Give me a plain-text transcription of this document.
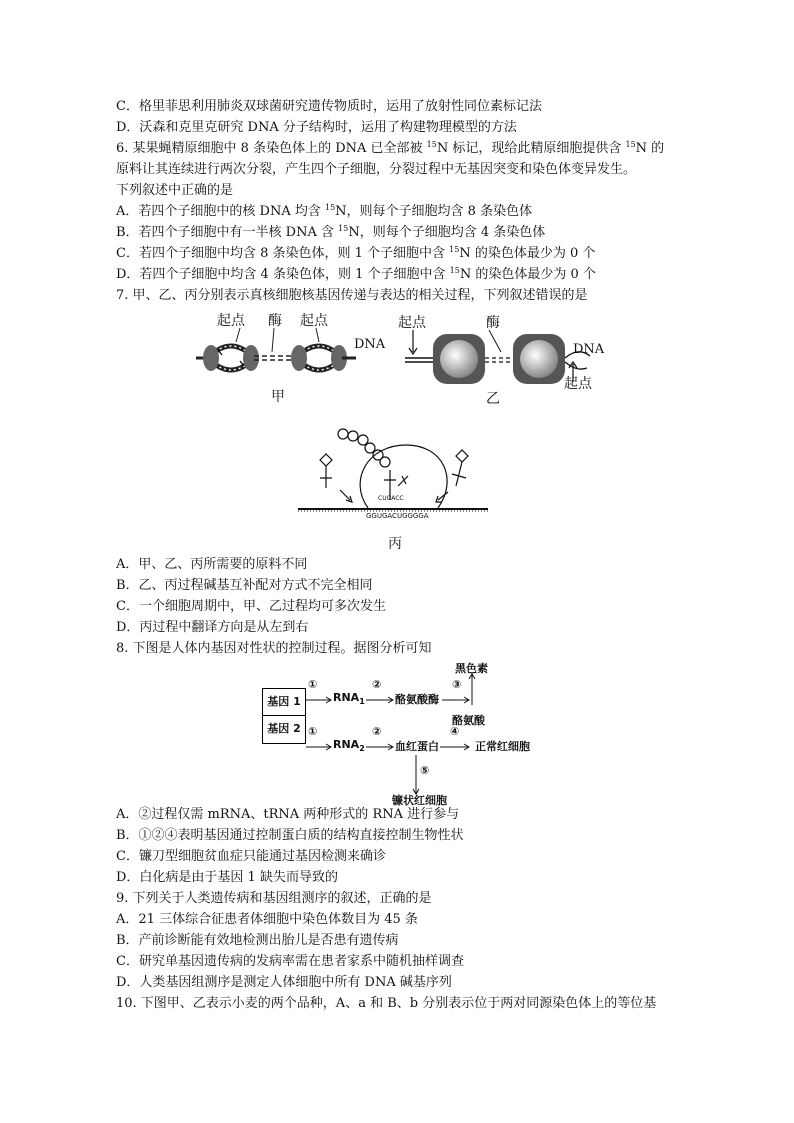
C．格里菲思利用肺炎双球菌研究遗传物质时，运用了放射性同位素标记法
D．沃森和克里克研究 DNA 分子结构时，运用了构建物理模型的方法
6. 某果蝇精原细胞中 8 条染色体上的 DNA 已全部被 $^{15}$N 标记，现给此精原细胞提供含 $^{15}$N 的
原料让其连续进行两次分裂，产生四个子细胞，分裂过程中无基因突变和染色体变异发生。
下列叙述中正确的是
A．若四个子细胞中的核 DNA 均含 $^{15}$N，则每个子细胞均含 8 条染色体
B．若四个子细胞中有一半核 DNA 含 $^{15}$N，则每个子细胞均含 4 条染色体
C．若四个子细胞中均含 8 条染色体，则 1 个子细胞中含 $^{15}$N 的染色体最少为 0 个
D．若四个子细胞中均含 4 条染色体，则 1 个子细胞中含 $^{15}$N 的染色体最少为 0 个
7. 甲、乙、丙分别表示真核细胞核基因传递与表达的相关过程，下列叙述错误的是
起点 酶 起点
DNA
甲
起点	酶
DNA
起点
乙
CUGACC
GGUGACUGGGGA
丙
A．甲、乙、丙所需要的原料不同
B．乙、丙过程碱基互补配对方式不完全相同
C．一个细胞周期中，甲、乙过程均可多次发生
D．丙过程中翻译方向是从左到右
8. 下图是人体内基因对性状的控制过程。据图分析可知
基因 1
基因 2
①
$RNA_1$
②
酪氨酸酶
③
黑色素
酪氨酸
①
$RNA_2$
②
血红蛋白
④
正常红细胞
⑤
镰状红细胞
A．②过程仅需 mRNA、tRNA 两种形式的 RNA 进行参与
B．①②④表明基因通过控制蛋白质的结构直接控制生物性状
C．镰刀型细胞贫血症只能通过基因检测来确诊
D．白化病是由于基因 1 缺失而导致的
9. 下列关于人类遗传病和基因组测序的叙述，正确的是
A．21 三体综合征患者体细胞中染色体数目为 45 条
B．产前诊断能有效地检测出胎儿是否患有遗传病
C．研究单基因遗传病的发病率需在患者家系中随机抽样调查
D．人类基因组测序是测定人体细胞中所有 DNA 碱基序列
10. 下图甲、乙表示小麦的两个品种，A、a 和 B、b 分别表示位于两对同源染色体上的等位基
